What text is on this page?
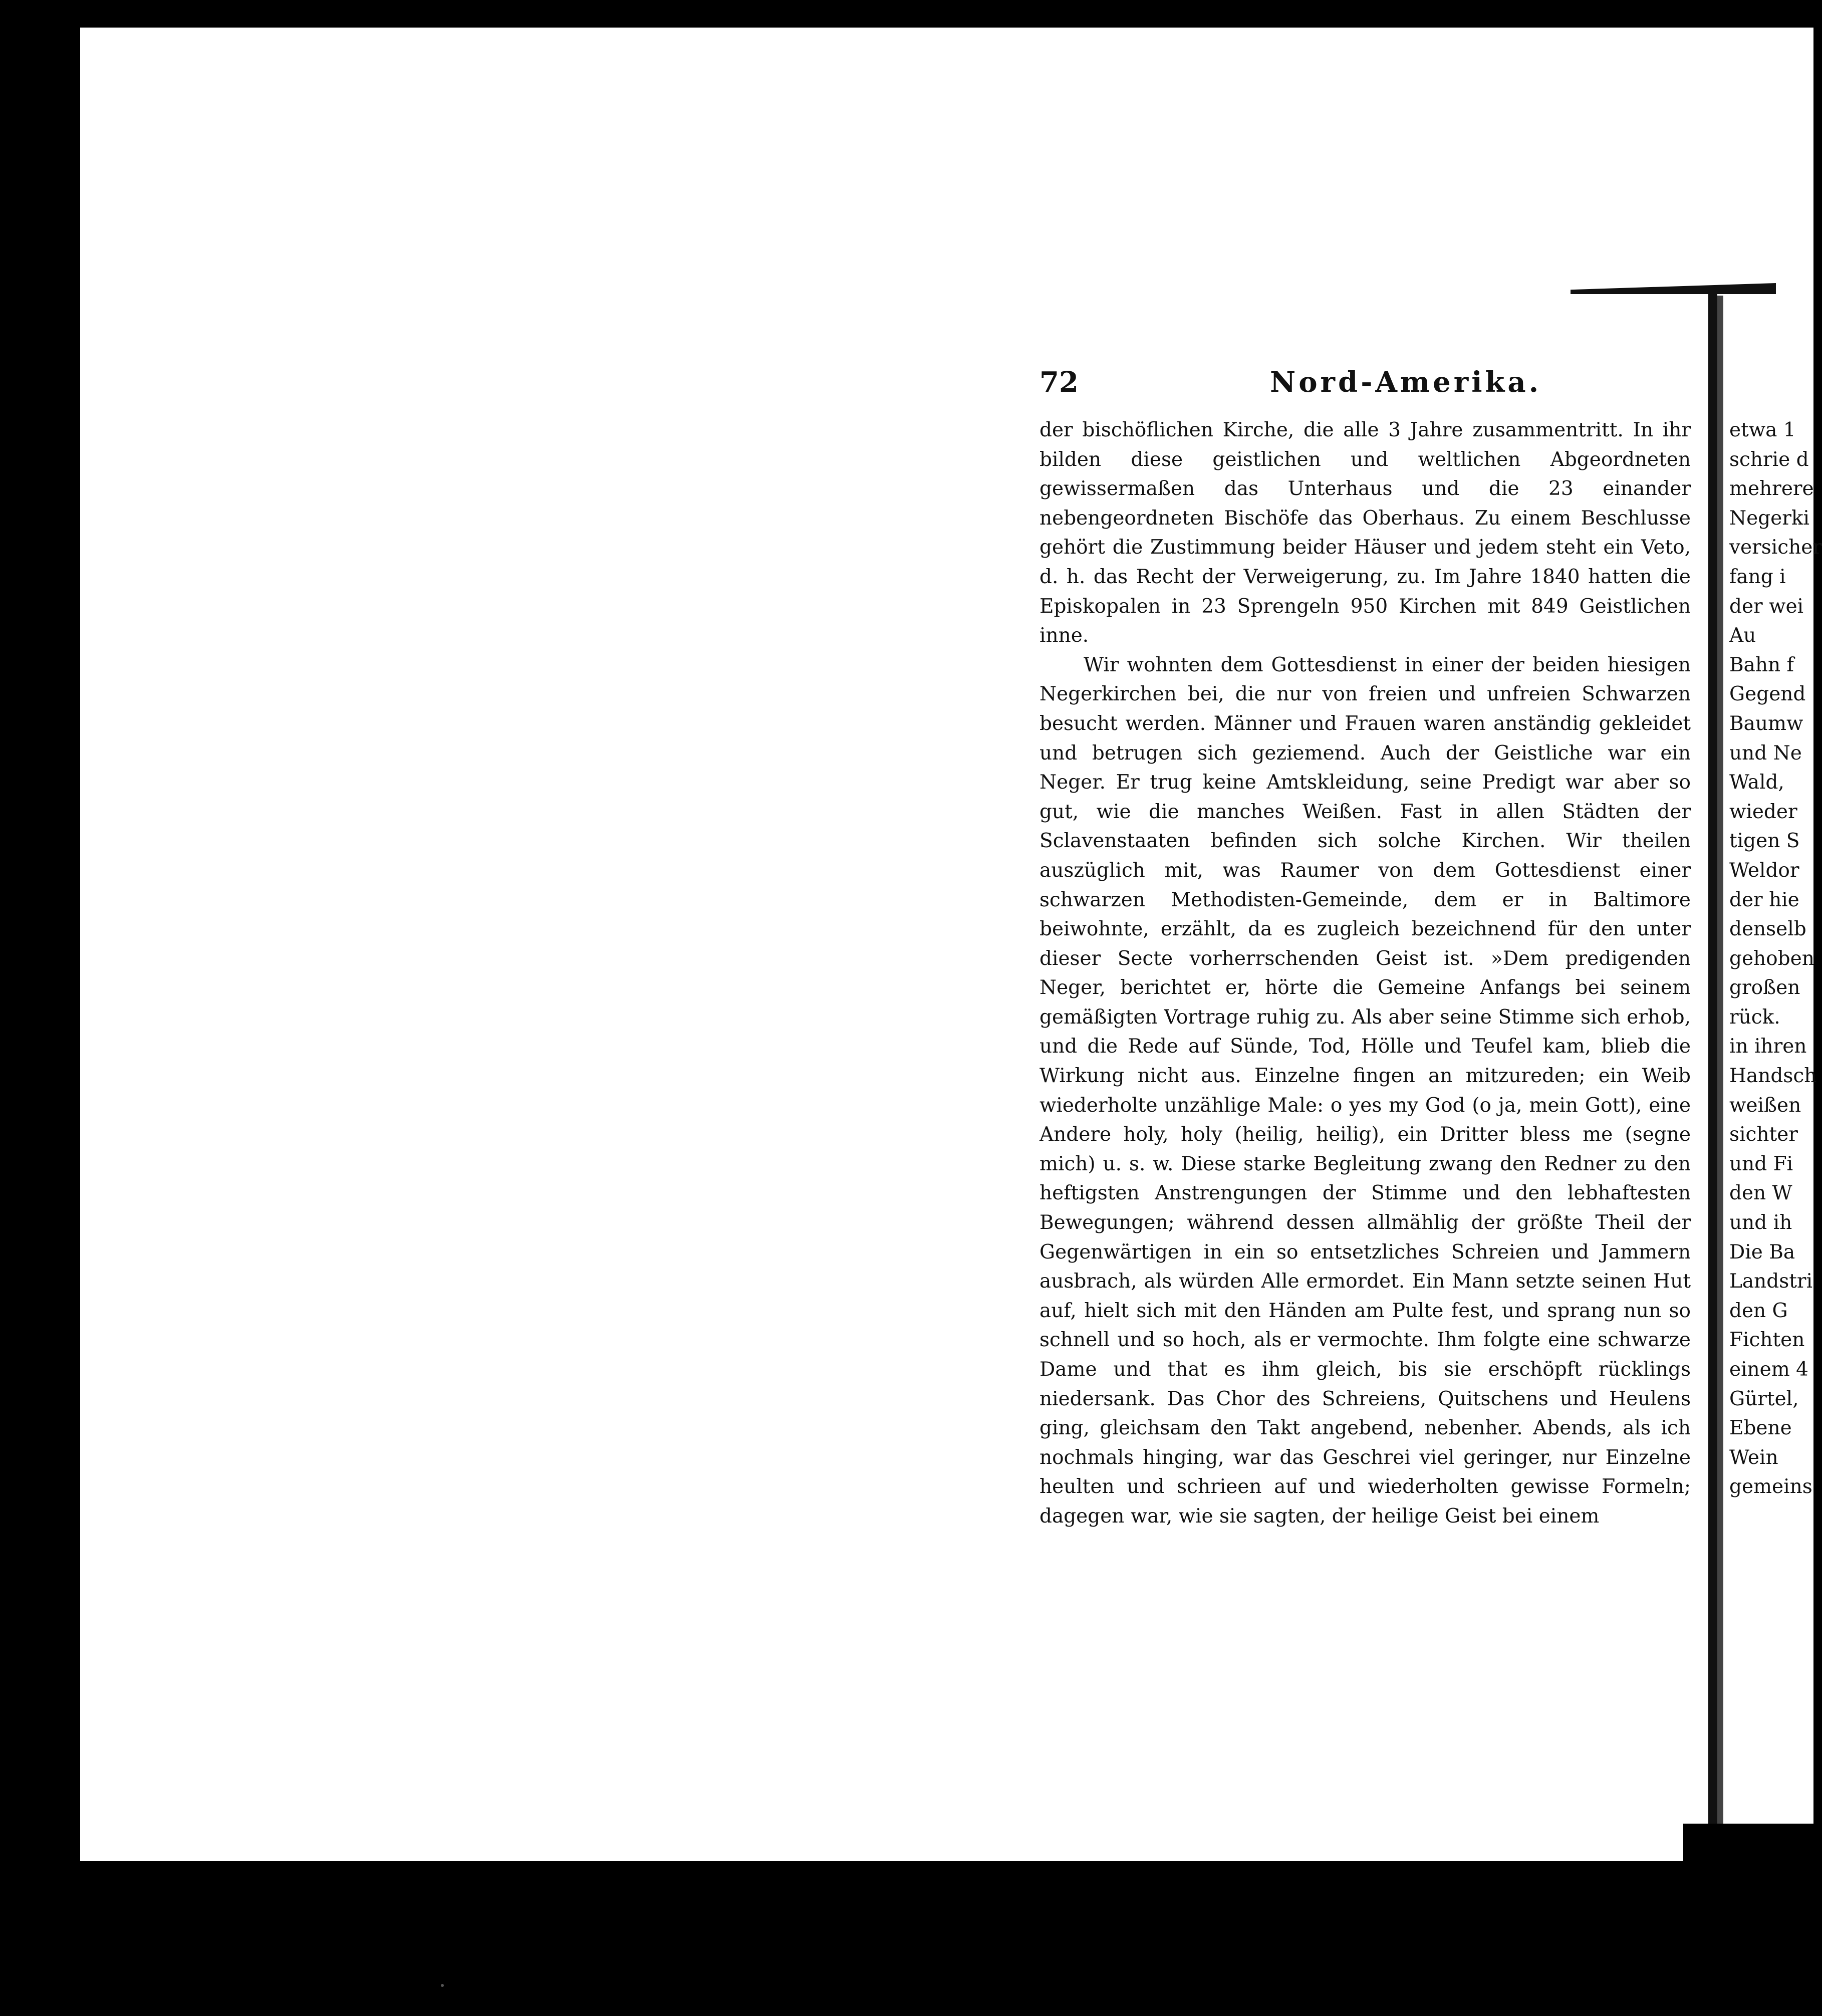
72	Nord-Amerika.

der bischöflichen Kirche, die alle 3 Jahre zusammentritt. In ihr bilden diese geistlichen und weltlichen Abgeordneten gewissermaßen das Unterhaus und die 23 einander nebengeordneten Bischöfe das Oberhaus. Zu einem Beschlusse gehört die Zustimmung beider Häuser und jedem steht ein Veto, d. h. das Recht der Verweigerung, zu. Im Jahre 1840 hatten die Episkopalen in 23 Sprengeln 950 Kirchen mit 849 Geistlichen inne.

Wir wohnten dem Gottesdienst in einer der beiden hiesigen Negerkirchen bei, die nur von freien und unfreien Schwarzen besucht werden. Männer und Frauen waren anständig gekleidet und betrugen sich geziemend. Auch der Geistliche war ein Neger. Er trug keine Amtskleidung, seine Predigt war aber so gut, wie die manches Weißen. Fast in allen Städten der Sclavenstaaten befinden sich solche Kirchen. Wir theilen auszüglich mit, was Raumer von dem Gottesdienst einer schwarzen Methodisten-Gemeinde, dem er in Baltimore beiwohnte, erzählt, da es zugleich bezeichnend für den unter dieser Secte vorherrschenden Geist ist. »Dem predigenden Neger, berichtet er, hörte die Gemeine Anfangs bei seinem gemäßigten Vortrage ruhig zu. Als aber seine Stimme sich erhob, und die Rede auf Sünde, Tod, Hölle und Teufel kam, blieb die Wirkung nicht aus. Einzelne fingen an mitzureden; ein Weib wiederholte unzählige Male: o yes my God (o ja, mein Gott), eine Andere holy, holy (heilig, heilig), ein Dritter bless me (segne mich) u. s. w. Diese starke Begleitung zwang den Redner zu den heftigsten Anstrengungen der Stimme und den lebhaftesten Bewegungen; während dessen allmählig der größte Theil der Gegenwärtigen in ein so entsetzliches Schreien und Jammern ausbrach, als würden Alle ermordet. Ein Mann setzte seinen Hut auf, hielt sich mit den Händen am Pulte fest, und sprang nun so schnell und so hoch, als er vermochte. Ihm folgte eine schwarze Dame und that es ihm gleich, bis sie erschöpft rücklings niedersank. Das Chor des Schreiens, Quitschens und Heulens ging, gleichsam den Takt angebend, nebenher. Abends, als ich nochmals hinging, war das Geschrei viel geringer, nur Einzelne heulten und schrieen auf und wiederholten gewisse Formeln; dagegen war, wie sie sagten, der heilige Geist bei einem

etwa 1
schrie d
mehrere
Negerki
versicher
fang i
der wei
Au
Bahn f
Gegend
Baumw
und Ne
Wald,
wieder
tigen S
Weldor
der hie
denselb
gehoben
großen
rück.
in ihren
Handsch
weißen
sichter
und Fi
den W
und ih
Die Ba
Landstri
den G
Fichten
einem 4
Gürtel,
Ebene
Wein
gemeins
